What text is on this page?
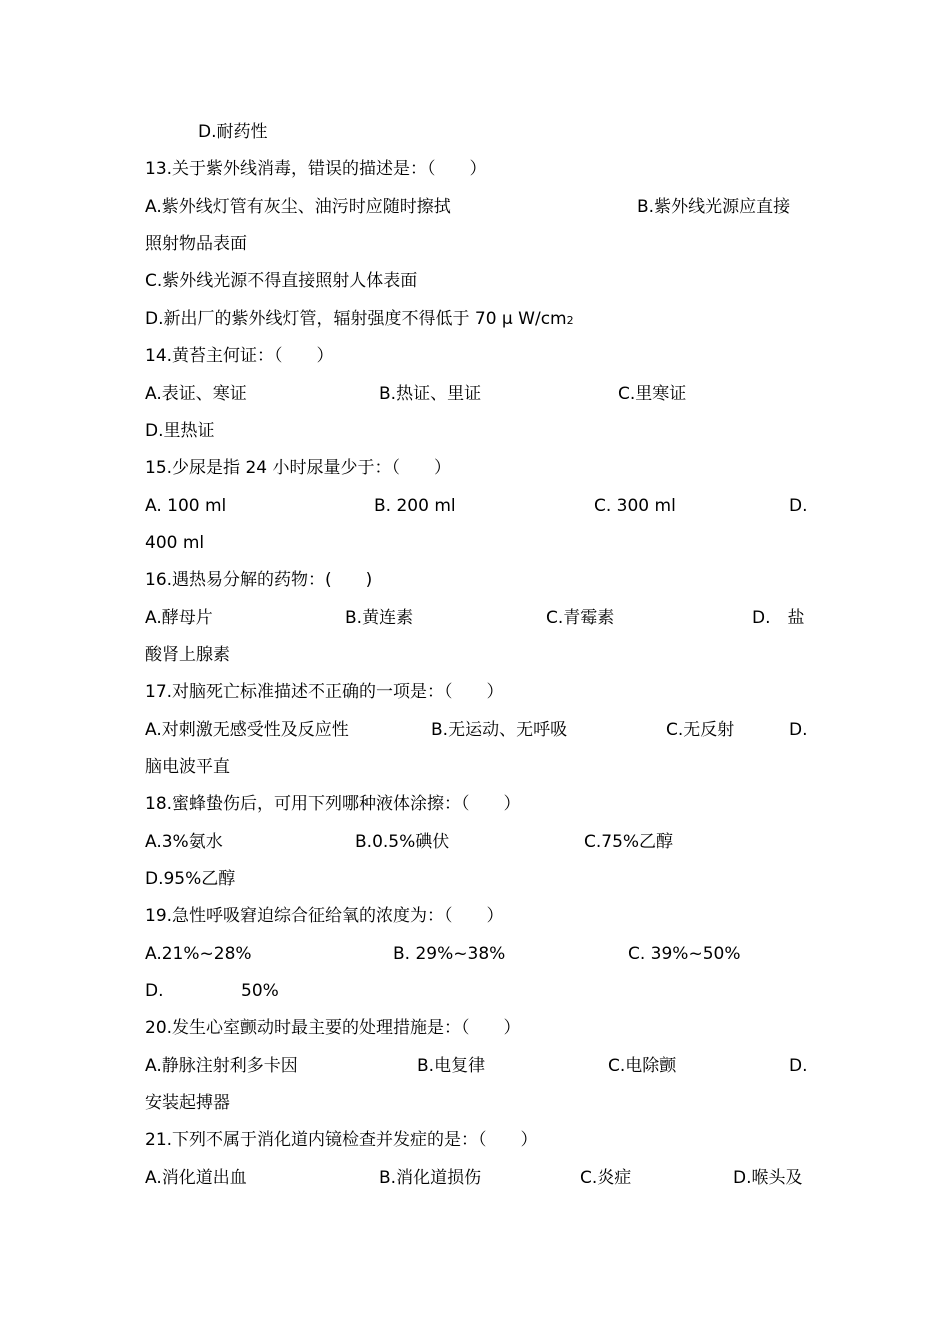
D.耐药性
13.关于紫外线消毒，错误的描述是：（　　）
A.紫外线灯管有灰尘、油污时应随时擦拭	B.紫外线光源应直接
照射物品表面
C.紫外线光源不得直接照射人体表面
D.新出厂的紫外线灯管，辐射强度不得低于 70 μ W/cm2
14.黄苔主何证：（　　）
A.表证、寒证	B.热证、里证	C.里寒证
D.里热证
15.少尿是指 24 小时尿量少于：（　　）
A. 100 ml	B. 200 ml	C. 300 ml	D.
400 ml
16.遇热易分解的药物：(　　)
A.酵母片	B.黄连素	C.青霉素	D.　盐
酸肾上腺素
17.对脑死亡标准描述不正确的一项是：（　　）
A.对刺激无感受性及反应性	B.无运动、无呼吸	C.无反射	D.
脑电波平直
18.蜜蜂蛰伤后，可用下列哪种液体涂擦：（　　）
A.3%氨水	B.0.5%碘伏	C.75%乙醇
D.95%乙醇
19.急性呼吸窘迫综合征给氧的浓度为：（　　）
A.21%~28%	B. 29%~38%	C. 39%~50%
D.	50%
20.发生心室颤动时最主要的处理措施是：（　　）
A.静脉注射利多卡因	B.电复律	C.电除颤	D.
安装起搏器
21.下列不属于消化道内镜检查并发症的是：（　　）
A.消化道出血	B.消化道损伤	C.炎症	D.喉头及
